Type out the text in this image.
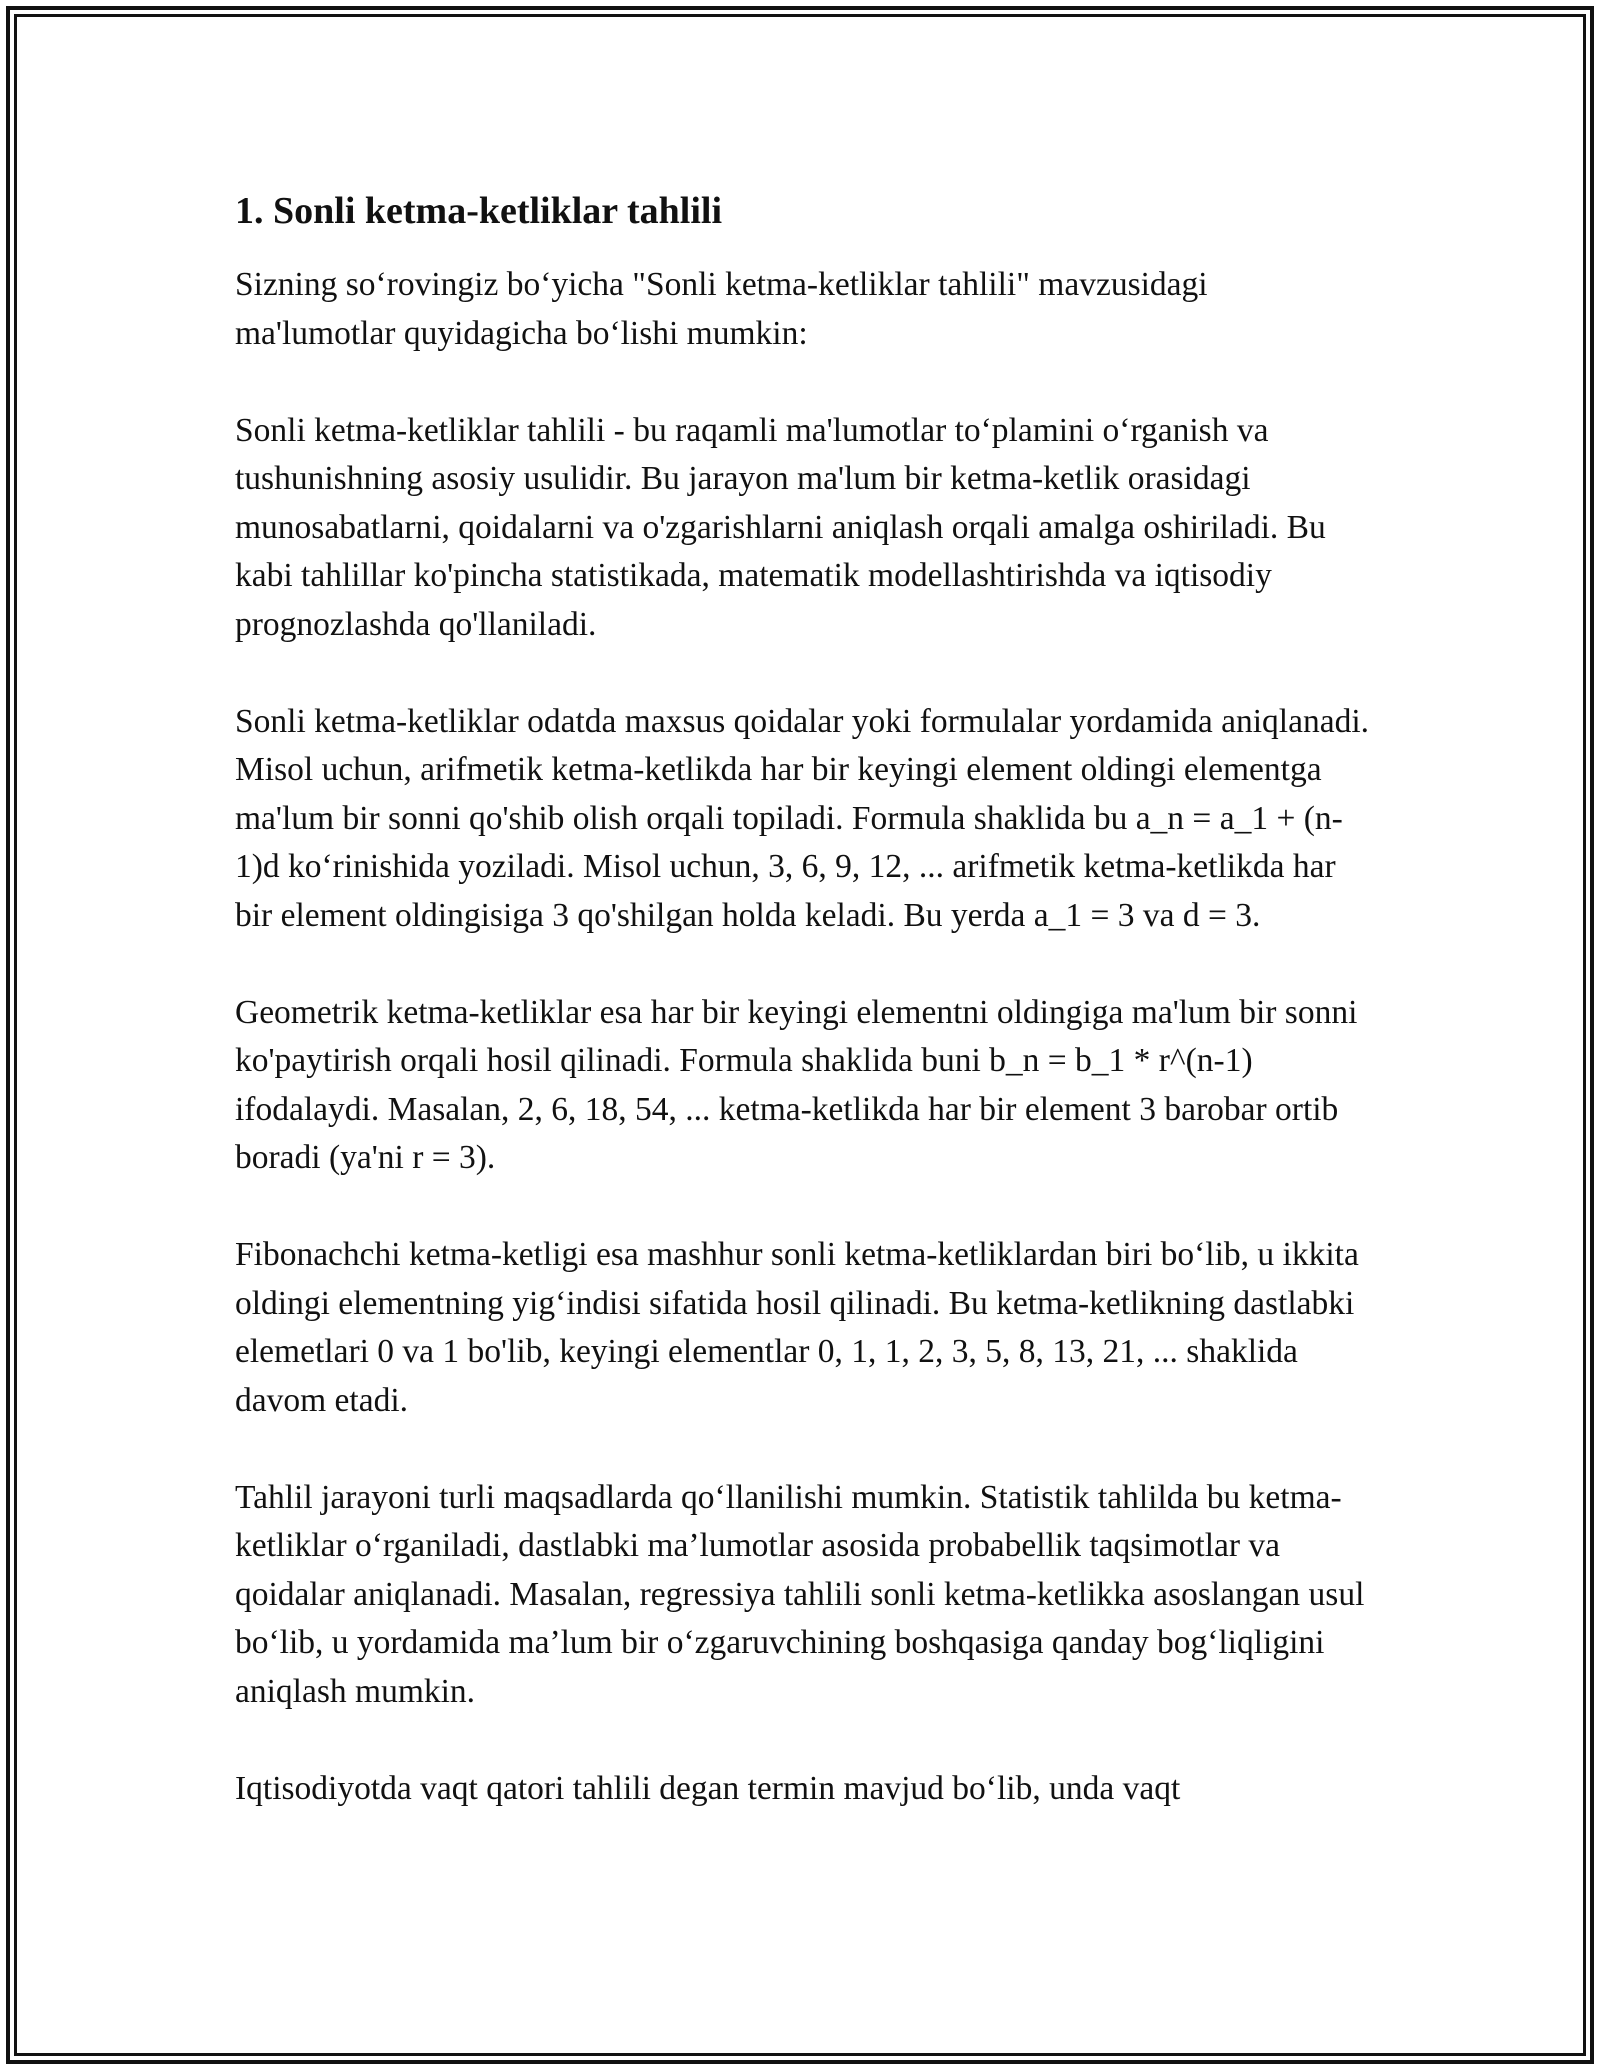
1. Sonli ketma-ketliklar tahlili

Sizning so‘rovingiz bo‘yicha "Sonli ketma-ketliklar tahlili" mavzusidagi ma'lumotlar quyidagicha bo‘lishi mumkin:

Sonli ketma-ketliklar tahlili - bu raqamli ma'lumotlar to‘plamini o‘rganish va tushunishning asosiy usulidir. Bu jarayon ma'lum bir ketma-ketlik orasidagi munosabatlarni, qoidalarni va o'zgarishlarni aniqlash orqali amalga oshiriladi. Bu kabi tahlillar ko'pincha statistikada, matematik modellashtirishda va iqtisodiy prognozlashda qo'llaniladi.

Sonli ketma-ketliklar odatda maxsus qoidalar yoki formulalar yordamida aniqlanadi. Misol uchun, arifmetik ketma-ketlikda har bir keyingi element oldingi elementga ma'lum bir sonni qo'shib olish orqali topiladi. Formula shaklida bu a_n = a_1 + (n-1)d ko‘rinishida yoziladi. Misol uchun, 3, 6, 9, 12, ... arifmetik ketma-ketlikda har bir element oldingisiga 3 qo'shilgan holda keladi. Bu yerda a_1 = 3 va d = 3.

Geometrik ketma-ketliklar esa har bir keyingi elementni oldingiga ma'lum bir sonni ko'paytirish orqali hosil qilinadi. Formula shaklida buni b_n = b_1 * r^(n-1) ifodalaydi. Masalan, 2, 6, 18, 54, ... ketma-ketlikda har bir element 3 barobar ortib boradi (ya'ni r = 3).

Fibonachchi ketma-ketligi esa mashhur sonli ketma-ketliklardan biri bo‘lib, u ikkita oldingi elementning yig‘indisi sifatida hosil qilinadi. Bu ketma-ketlikning dastlabki elemetlari 0 va 1 bo'lib, keyingi elementlar 0, 1, 1, 2, 3, 5, 8, 13, 21, ... shaklida davom etadi.

Tahlil jarayoni turli maqsadlarda qo‘llanilishi mumkin. Statistik tahlilda bu ketma-ketliklar o‘rganiladi, dastlabki ma’lumotlar asosida probabellik taqsimotlar va qoidalar aniqlanadi. Masalan, regressiya tahlili sonli ketma-ketlikka asoslangan usul bo‘lib, u yordamida ma’lum bir o‘zgaruvchining boshqasiga qanday bog‘liqligini aniqlash mumkin.

Iqtisodiyotda vaqt qatori tahlili degan termin mavjud bo‘lib, unda vaqt
